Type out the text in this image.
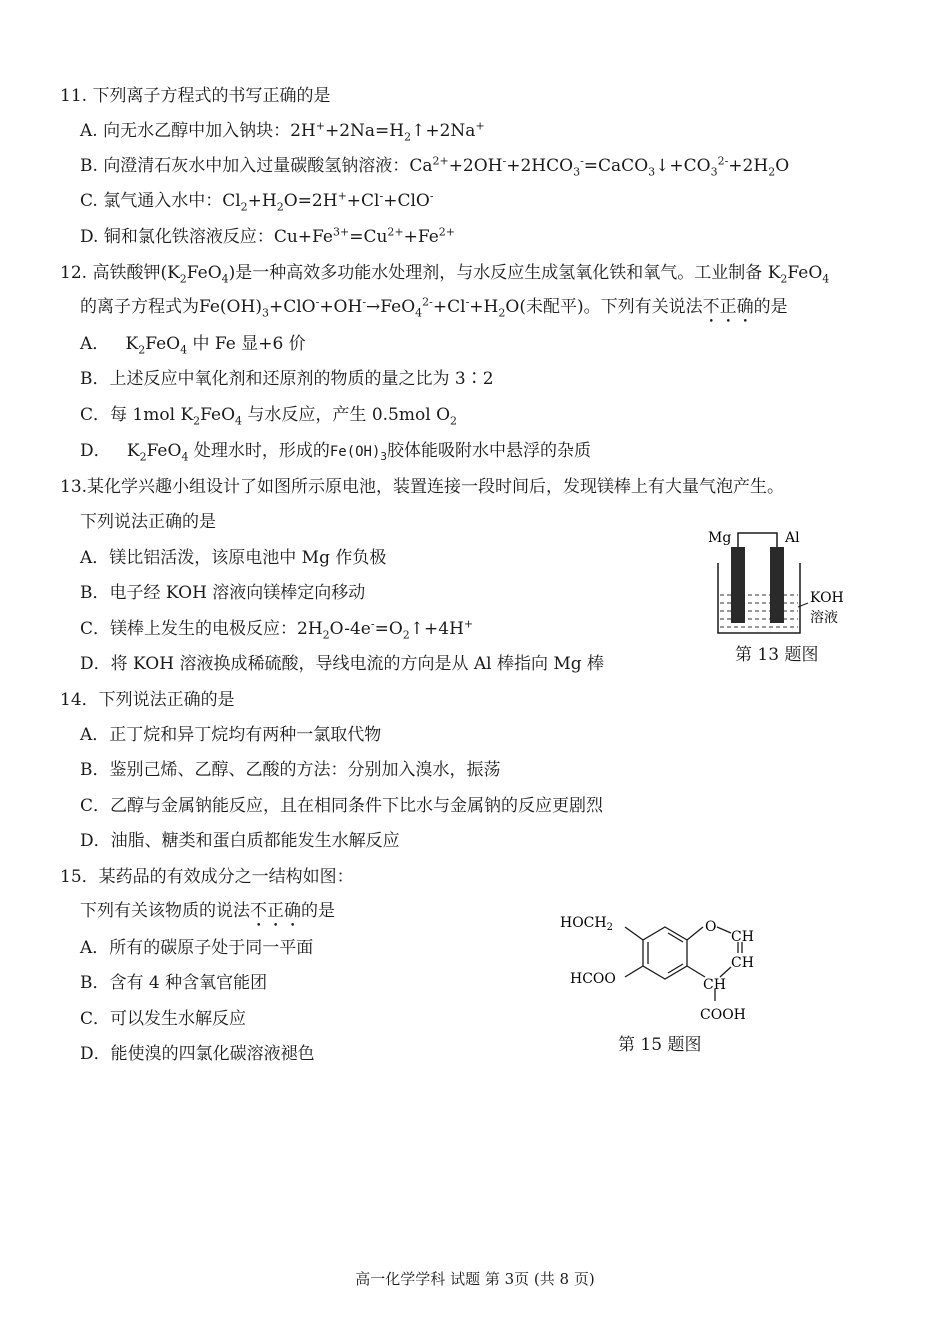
11. 下列离子方程式的书写正确的是
A. 向无水乙醇中加入钠块：$2H^++2Na=H_2↑+2Na^+$
B. 向澄清石灰水中加入过量碳酸氢钠溶液：$Ca^{2+}+2OH^-+2HCO_3^-=CaCO_3↓+CO_3^{2-}+2H_2O$
C. 氯气通入水中：$Cl_2+H_2O=2H^++Cl^-+ClO^-$
D. 铜和氯化铁溶液反应：$Cu+Fe^{3+}=Cu^{2+}+Fe^{2+}$
12. 高铁酸钾$(K_2FeO_4)$是一种高效多功能水处理剂，与水反应生成氢氧化铁和氧气。工业制备 $K_2FeO_4$
的离子方程式为$Fe(OH)_3+ClO^-+OH^-\to FeO_4^{2-}+Cl^-+H_2O$(未配平)。下列有关说法不正确的是
A． $K_2FeO_4$ 中 Fe 显+6 价
B．上述反应中氧化剂和还原剂的物质的量之比为 3∶2
C．每 1mol $K_2FeO_4$ 与水反应，产生 0.5mol $O_2$
D． $K_2FeO_4$ 处理水时，形成的$Fe(OH)_3$胶体能吸附水中悬浮的杂质
13.某化学兴趣小组设计了如图所示原电池，装置连接一段时间后，发现镁棒上有大量气泡产生。
下列说法正确的是
A．镁比铝活泼，该原电池中 Mg 作负极
B．电子经 KOH 溶液向镁棒定向移动
C．镁棒上发生的电极反应：$2H_2O-4e^-=O_2↑+4H^+$
D．将 KOH 溶液换成稀硫酸，导线电流的方向是从 Al 棒指向 Mg 棒
Mg	Al
KOH
溶液
第 13 题图
14．下列说法正确的是
A．正丁烷和异丁烷均有两种一氯取代物
B．鉴别己烯、乙醇、乙酸的方法：分别加入溴水，振荡
C．乙醇与金属钠能反应，且在相同条件下比水与金属钠的反应更剧烈
D．油脂、糖类和蛋白质都能发生水解反应
15．某药品的有效成分之一结构如图：
下列有关该物质的说法不正确的是
A．所有的碳原子处于同一平面
B．含有 4 种含氧官能团
C．可以发生水解反应
D．能使溴的四氯化碳溶液褪色
$HOCH_2$
HCOO
O
CH
CH
CH
COOH
第 15 题图
高一化学学科 试题 第 3页 (共 8 页)
